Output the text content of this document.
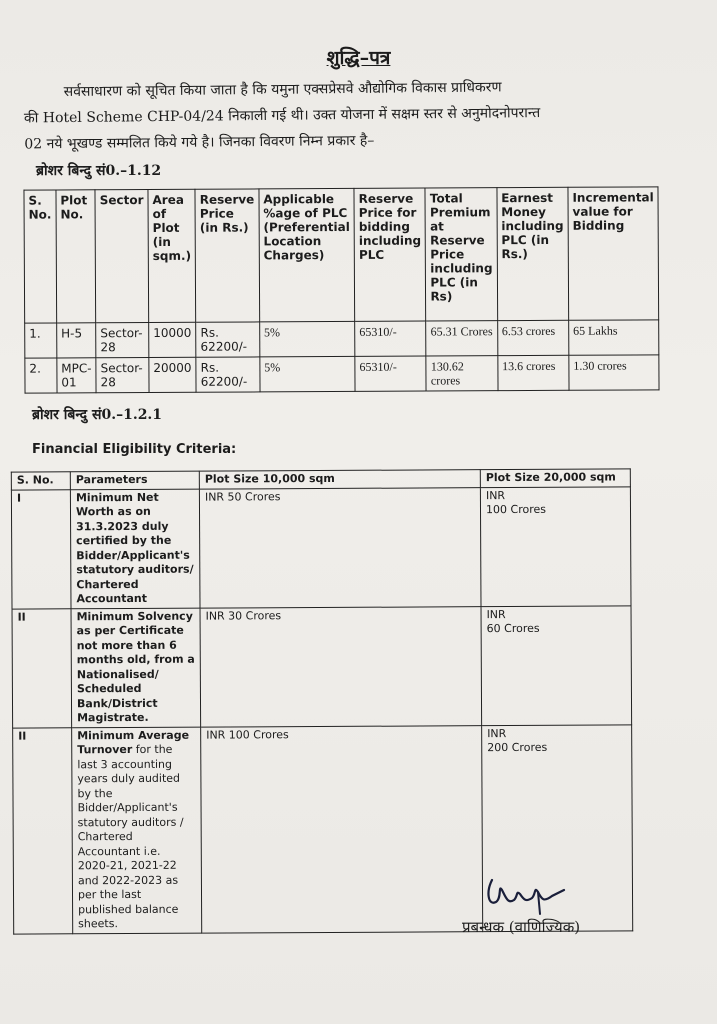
शुद्धि–पत्र
सर्वसाधारण को सूचित किया जाता है कि यमुना एक्सप्रेसवे औद्योगिक विकास प्राधिकरण
की Hotel Scheme CHP-04/24 निकाली गई थी। उक्त योजना में सक्षम स्तर से अनुमोदनोपरान्त
02 नये भूखण्ड सम्मलित किये गये है। जिनका विवरण निम्न प्रकार है–
ब्रोशर बिन्दु सं0.–1.12
S. No.	Plot No.	Sector	Area of Plot (in sqm.)	Reserve Price (in Rs.)	Applicable %age of PLC (Preferential Location Charges)	Reserve Price for bidding including PLC	Total Premium at Reserve Price including PLC (in Rs)	Earnest Money including PLC (in Rs.)	Incremental value for Bidding
1.	H-5	Sector-28	10000	Rs. 62200/-	5%	65310/-	65.31 Crores	6.53 crores	65 Lakhs
2.	MPC-01	Sector-28	20000	Rs. 62200/-	5%	65310/-	130.62 crores	13.6 crores	1.30 crores
ब्रोशर बिन्दु सं0.–1.2.1
Financial Eligibility Criteria:
S. No.	Parameters	Plot Size 10,000 sqm	Plot Size 20,000 sqm
I	Minimum Net Worth as on 31.3.2023 duly certified by the Bidder/Applicant's statutory auditors/ Chartered Accountant	INR 50 Crores	INR
100 Crores

II	Minimum Solvency as per Certificate not more than 6 months old, from a Nationalised/ Scheduled Bank/District Magistrate.	INR 30 Crores	INR
60 Crores

II	Minimum Average Turnover for the last 3 accounting years duly audited by the Bidder/Applicant's statutory auditors / Chartered Accountant i.e. 2020-21, 2021-22 and 2022-2023 as per the last published balance sheets.	INR 100 Crores	INR
200 Crores
प्रबन्धक (वाणिज्यिक)
